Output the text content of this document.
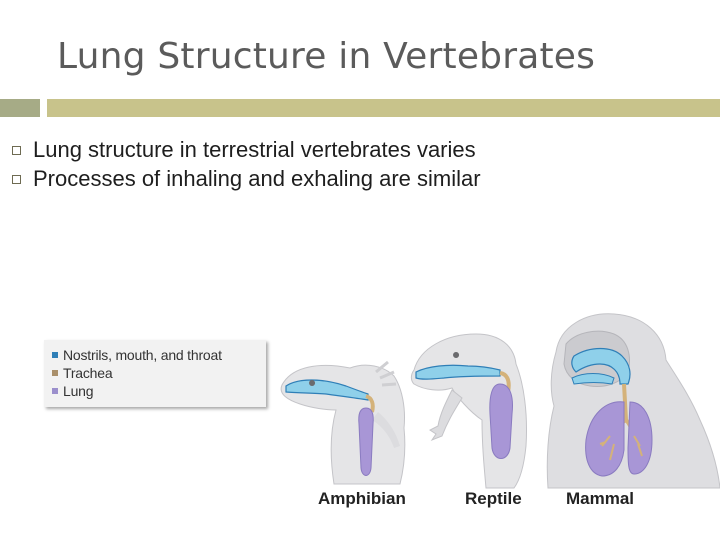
Lung Structure in Vertebrates
Lung structure in terrestrial vertebrates varies
Processes of inhaling and exhaling are similar
Nostrils, mouth, and throat
Trachea
Lung
Amphibian	Reptile	Mammal
